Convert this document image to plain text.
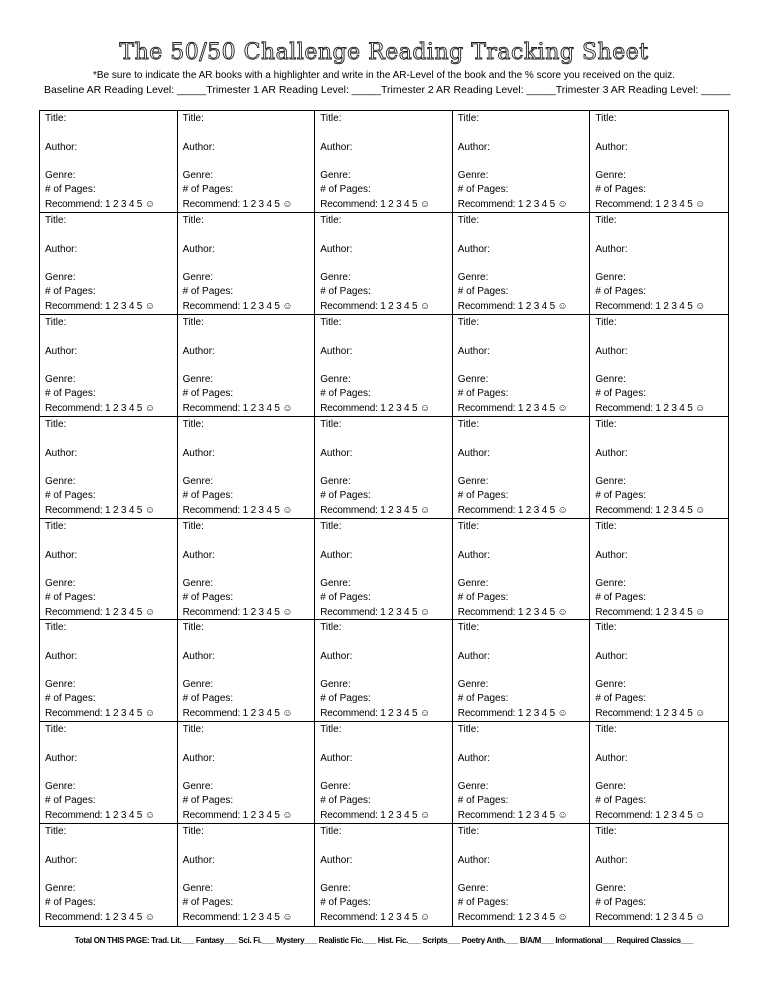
The 50/50 Challenge Reading Tracking Sheet
*Be sure to indicate the AR books with a highlighter and write in the AR-Level of the book and the % score you received on the quiz.
Baseline AR Reading Level: _____ Trimester 1 AR Reading Level: _____ Trimester 2 AR Reading Level: _____ Trimester 3 AR Reading Level: _____
Title:
Author:
Genre:
# of Pages:
Recommend: 1 2 3 4 5 ☺
Title:
Author:
Genre:
# of Pages:
Recommend: 1 2 3 4 5 ☺
Title:
Author:
Genre:
# of Pages:
Recommend: 1 2 3 4 5 ☺
Title:
Author:
Genre:
# of Pages:
Recommend: 1 2 3 4 5 ☺
Title:
Author:
Genre:
# of Pages:
Recommend: 1 2 3 4 5 ☺
Title:
Author:
Genre:
# of Pages:
Recommend: 1 2 3 4 5 ☺
Title:
Author:
Genre:
# of Pages:
Recommend: 1 2 3 4 5 ☺
Title:
Author:
Genre:
# of Pages:
Recommend: 1 2 3 4 5 ☺
Title:
Author:
Genre:
# of Pages:
Recommend: 1 2 3 4 5 ☺
Title:
Author:
Genre:
# of Pages:
Recommend: 1 2 3 4 5 ☺
Title:
Author:
Genre:
# of Pages:
Recommend: 1 2 3 4 5 ☺
Title:
Author:
Genre:
# of Pages:
Recommend: 1 2 3 4 5 ☺
Title:
Author:
Genre:
# of Pages:
Recommend: 1 2 3 4 5 ☺
Title:
Author:
Genre:
# of Pages:
Recommend: 1 2 3 4 5 ☺
Title:
Author:
Genre:
# of Pages:
Recommend: 1 2 3 4 5 ☺
Title:
Author:
Genre:
# of Pages:
Recommend: 1 2 3 4 5 ☺
Title:
Author:
Genre:
# of Pages:
Recommend: 1 2 3 4 5 ☺
Title:
Author:
Genre:
# of Pages:
Recommend: 1 2 3 4 5 ☺
Title:
Author:
Genre:
# of Pages:
Recommend: 1 2 3 4 5 ☺
Title:
Author:
Genre:
# of Pages:
Recommend: 1 2 3 4 5 ☺
Title:
Author:
Genre:
# of Pages:
Recommend: 1 2 3 4 5 ☺
Title:
Author:
Genre:
# of Pages:
Recommend: 1 2 3 4 5 ☺
Title:
Author:
Genre:
# of Pages:
Recommend: 1 2 3 4 5 ☺
Title:
Author:
Genre:
# of Pages:
Recommend: 1 2 3 4 5 ☺
Title:
Author:
Genre:
# of Pages:
Recommend: 1 2 3 4 5 ☺
Title:
Author:
Genre:
# of Pages:
Recommend: 1 2 3 4 5 ☺
Title:
Author:
Genre:
# of Pages:
Recommend: 1 2 3 4 5 ☺
Title:
Author:
Genre:
# of Pages:
Recommend: 1 2 3 4 5 ☺
Title:
Author:
Genre:
# of Pages:
Recommend: 1 2 3 4 5 ☺
Title:
Author:
Genre:
# of Pages:
Recommend: 1 2 3 4 5 ☺
Title:
Author:
Genre:
# of Pages:
Recommend: 1 2 3 4 5 ☺
Title:
Author:
Genre:
# of Pages:
Recommend: 1 2 3 4 5 ☺
Title:
Author:
Genre:
# of Pages:
Recommend: 1 2 3 4 5 ☺
Title:
Author:
Genre:
# of Pages:
Recommend: 1 2 3 4 5 ☺
Title:
Author:
Genre:
# of Pages:
Recommend: 1 2 3 4 5 ☺
Title:
Author:
Genre:
# of Pages:
Recommend: 1 2 3 4 5 ☺
Title:
Author:
Genre:
# of Pages:
Recommend: 1 2 3 4 5 ☺
Title:
Author:
Genre:
# of Pages:
Recommend: 1 2 3 4 5 ☺
Title:
Author:
Genre:
# of Pages:
Recommend: 1 2 3 4 5 ☺
Title:
Author:
Genre:
# of Pages:
Recommend: 1 2 3 4 5 ☺
Total ON THIS PAGE: Trad. Lit.___ Fantasy___ Sci. Fi.___ Mystery___ Realistic Fic.___ Hist. Fic.___ Scripts___ Poetry Anth.___ B/A/M___ Informational___ Required Classics___
